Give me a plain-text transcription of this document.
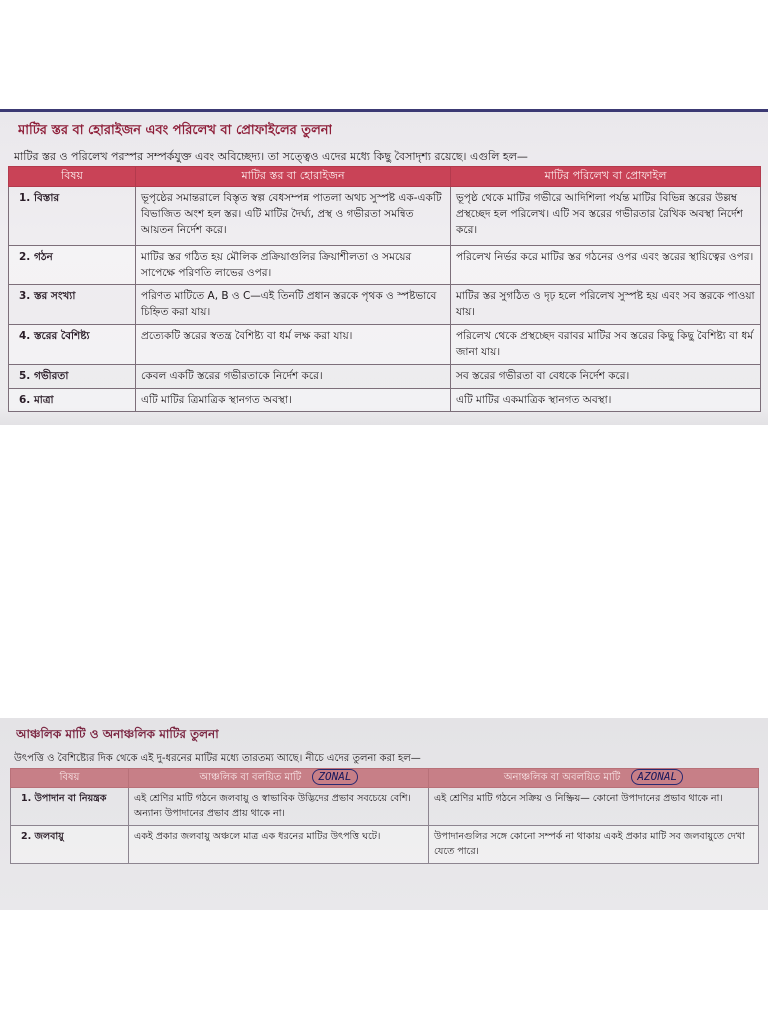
মাটির স্তর বা হোরাইজন এবং পরিলেখ বা প্রোফাইলের তুলনা
মাটির স্তর ও পরিলেখ পরস্পর সম্পর্কযুক্ত এবং অবিচ্ছেদ্য। তা সত্ত্বেও এদের মধ্যে কিছু বৈসাদৃশ্য রয়েছে। এগুলি হল—
বিষয়	মাটির স্তর বা হোরাইজন	মাটির পরিলেখ বা প্রোফাইল
1. বিস্তার	ভূপৃষ্ঠের সমান্তরালে বিস্তৃত স্বল্প বেধসম্পন্ন পাতলা অথচ সুস্পষ্ট এক-একটি বিভাজিত অংশ হল স্তর। এটি মাটির দৈর্ঘ্য, প্রস্থ ও গভীরতা সমন্বিত আয়তন নির্দেশ করে।	ভূপৃষ্ঠ থেকে মাটির গভীরে আদিশিলা পর্যন্ত মাটির বিভিন্ন স্তরের উল্লম্ব প্রস্থচ্ছেদ হল পরিলেখ। এটি সব স্তরের গভীরতার রৈখিক অবস্থা নির্দেশ করে।
2. গঠন	মাটির স্তর গঠিত হয় মৌলিক প্রক্রিয়াগুলির ক্রিয়াশীলতা ও সময়ের সাপেক্ষে পরিণতি লাভের ওপর।	পরিলেখ নির্ভর করে মাটির স্তর গঠনের ওপর এবং স্তরের স্থায়িত্বের ওপর।
3. স্তর সংখ্যা	পরিণত মাটিতে A, B ও C—এই তিনটি প্রধান স্তরকে পৃথক ও স্পষ্টভাবে চিহ্নিত করা যায়।	মাটির স্তর সুগঠিত ও দৃঢ় হলে পরিলেখ সুস্পষ্ট হয় এবং সব স্তরকে পাওয়া যায়।
4. স্তরের বৈশিষ্ট্য	প্রত্যেকটি স্তরের স্বতন্ত্র বৈশিষ্ট্য বা ধর্ম লক্ষ করা যায়।	পরিলেখ থেকে প্রস্থচ্ছেদ বরাবর মাটির সব স্তরের কিছু কিছু বৈশিষ্ট্য বা ধর্ম জানা যায়।
5. গভীরতা	কেবল একটি স্তরের গভীরতাকে নির্দেশ করে।	সব স্তরের গভীরতা বা বেধকে নির্দেশ করে।
6. মাত্রা	এটি মাটির ত্রিমাত্রিক স্থানগত অবস্থা।	এটি মাটির একমাত্রিক স্থানগত অবস্থা।
আঞ্চলিক মাটি ও অনাঞ্চলিক মাটির তুলনা
উৎপত্তি ও বৈশিষ্ট্যের দিক থেকে এই দু-ধরনের মাটির মধ্যে তারতম্য আছে। নীচে এদের তুলনা করা হল—
বিষয়	আঞ্চলিক বা বলয়িত মাটি ZONAL	অনাঞ্চলিক বা অবলয়িত মাটি AZONAL
1. উপাদান বা নিয়ন্ত্রক	এই শ্রেণির মাটি গঠনে জলবায়ু ও স্বাভাবিক উদ্ভিদের প্রভাব সবচেয়ে বেশি। অন্যান্য উপাদানের প্রভাব প্রায় থাকে না।	এই শ্রেণির মাটি গঠনে সক্রিয় ও নিষ্ক্রিয়— কোনো উপাদানের প্রভাব থাকে না।
2. জলবায়ু	একই প্রকার জলবায়ু অঞ্চলে মাত্র এক ধরনের মাটির উৎপত্তি ঘটে।	উপাদানগুলির সঙ্গে কোনো সম্পর্ক না থাকায় একই প্রকার মাটি সব জলবায়ুতে দেখা যেতে পারে।
